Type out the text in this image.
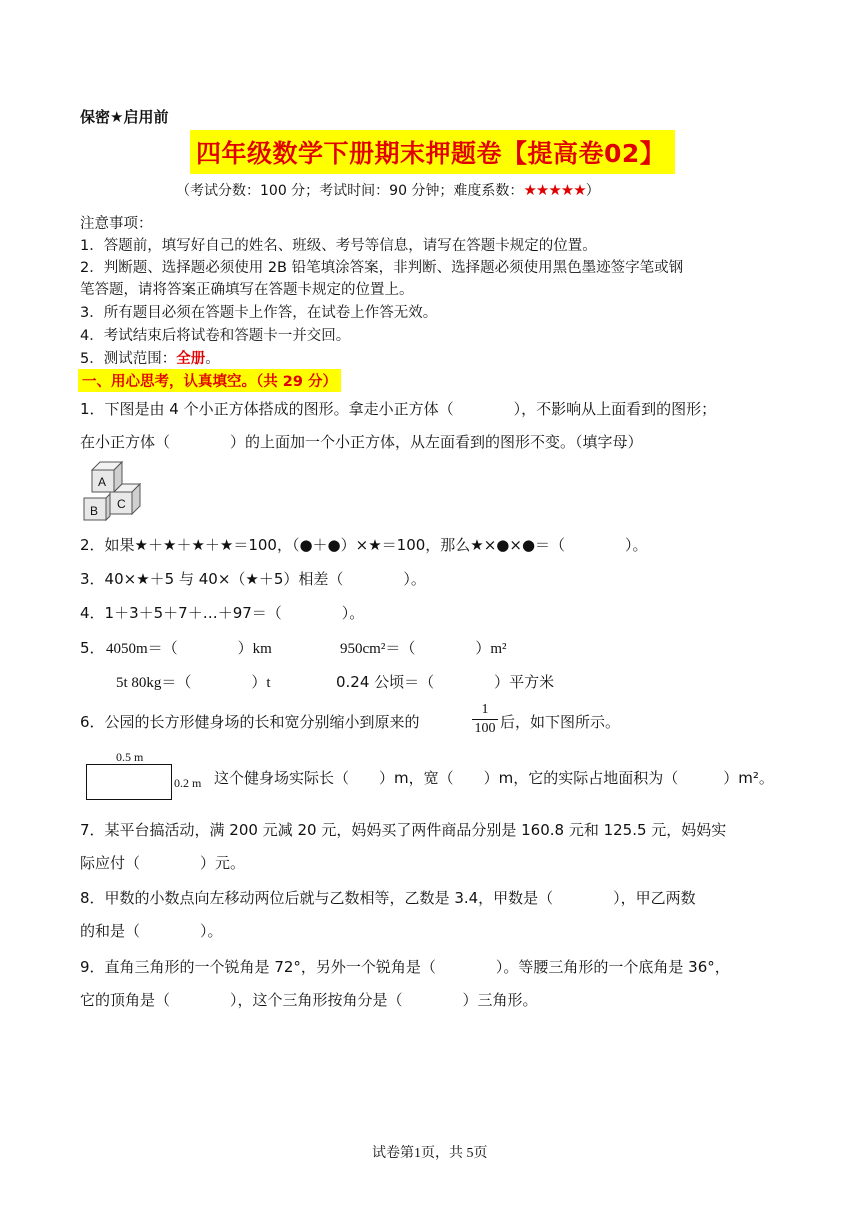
保密★启用前
四年级数学下册期末押题卷【提高卷02】
（考试分数：100 分；考试时间：90 分钟；难度系数：★★★★★）
注意事项：
1．答题前，填写好自己的姓名、班级、考号等信息，请写在答题卡规定的位置。
2．判断题、选择题必须使用 2B 铅笔填涂答案，非判断、选择题必须使用黑色墨迹签字笔或钢
笔答题，请将答案正确填写在答题卡规定的位置上。
3．所有题目必须在答题卡上作答，在试卷上作答无效。
4．考试结束后将试卷和答题卡一并交回。
5．测试范围：全册。
一、用心思考，认真填空。（共 29 分）
1．下图是由 4 个小正方体搭成的图形。拿走小正方体（　　　　），不影响从上面看到的图形；
在小正方体（　　　　）的上面加一个小正方体，从左面看到的图形不变。（填字母）
A
B C
2．如果★＋★＋★＋★＝100，（●＋●）×★＝100，那么★×●×●＝（　　　　）。
3．40×★＋5 与 40×（★＋5）相差（　　　　）。
4．1＋3＋5＋7＋…＋97＝（　　　　）。
5． 4050m＝（　　　　）km	950cm²＝（　　　　）m²
5t 80kg＝（　　　　）t	0.24 公顷＝（　　　　）平方米
6．公园的长方形健身场的长和宽分别缩小到原来的
1
100 后，如下图所示。
0.5 m
0.2 m 这个健身场实际长（　　）m，宽（　　）m，它的实际占地面积为（　　　）m²。
7．某平台搞活动，满 200 元减 20 元，妈妈买了两件商品分别是 160.8 元和 125.5 元，妈妈实
际应付（　　　　）元。
8．甲数的小数点向左移动两位后就与乙数相等，乙数是 3.4，甲数是（　　　　），甲乙两数
的和是（　　　　）。
9．直角三角形的一个锐角是 72°，另外一个锐角是（　　　　）。等腰三角形的一个底角是 36°，
它的顶角是（　　　　），这个三角形按角分是（　　　　）三角形。
试卷第1页，共 5页
